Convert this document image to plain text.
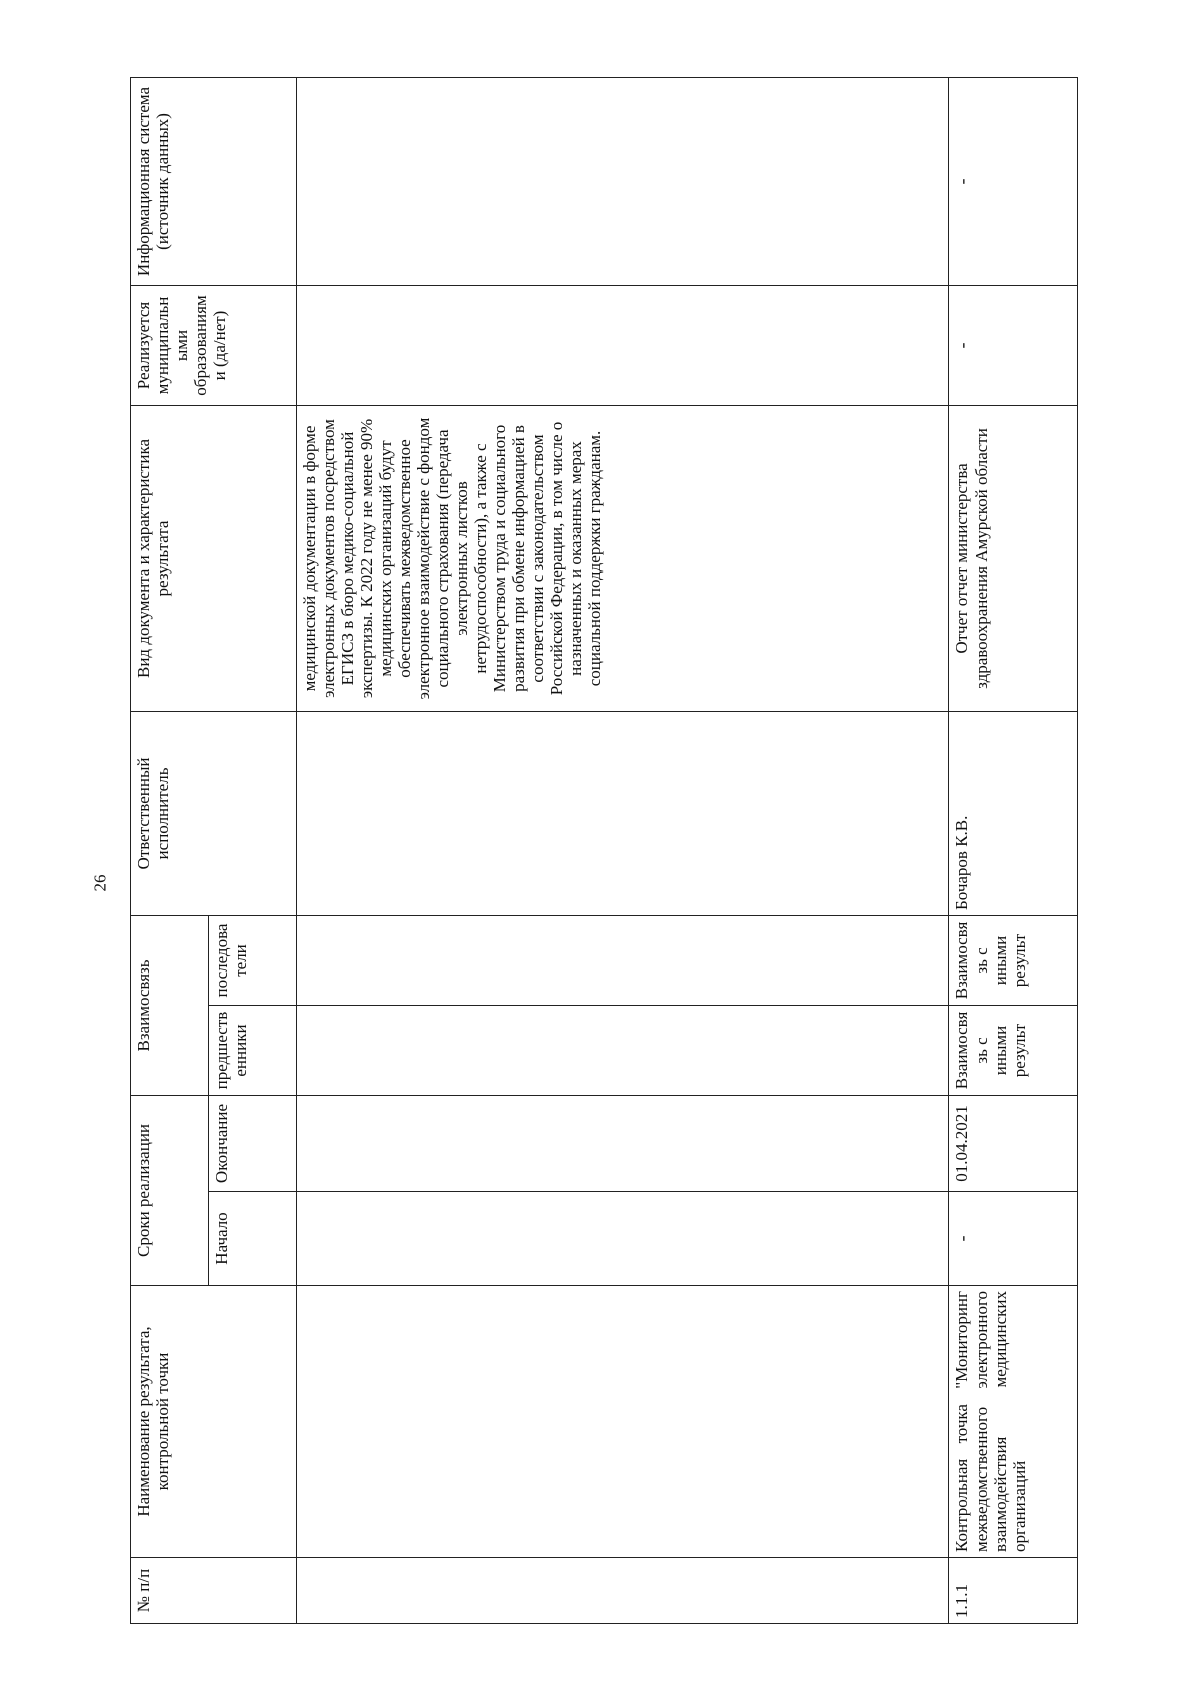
26
№ п/п	Наименование результата, контрольной точки	Сроки реализации		Взаимосвязь		Ответственный исполнитель	Вид документа и характеристика результата	Реализуется муниципальными образованиями (да/нет)	Информационная система (источник данных)
		Начало	Окончание	предшественники	последователи				
							медицинской документации в форме электронных документов посредством ЕГИСЗ в бюро медико-социальной экспертизы. К 2022 году не менее 90% медицинских организаций будут обеспечивать межведомственное электронное взаимодействие с фондом социального страхования (передача электронных листков нетрудоспособности), а также с Министерством труда и социального развития при обмене информацией в соответствии с законодательством Российской Федерации, в том числе о назначенных и оказанных мерах социальной поддержки гражданам.		
1.1.1	Контрольная точка "Мониторинг межведомственного электронного взаимодействия медицинских организаций	-	01.04.2021	Взаимосвязь с иными результ	Взаимосвязь с иными результ	Бочаров К.В.	Отчет отчет министерства здравоохранения Амурской области	-	-
